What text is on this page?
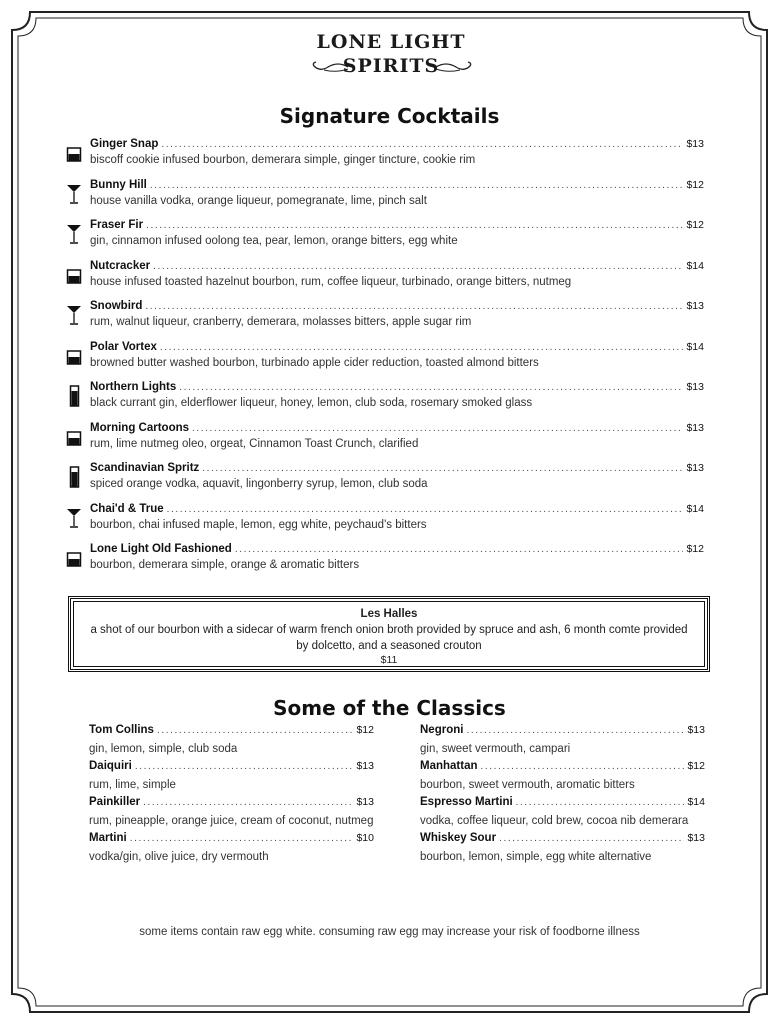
LONE LIGHT
SPIRITS
Signature Cocktails
Ginger Snap .....	$13
biscoff cookie infused bourbon, demerara simple, ginger tincture, cookie rim
Bunny Hill .....	$12
house vanilla vodka, orange liqueur, pomegranate, lime, pinch salt
Fraser Fir .....	$12
gin, cinnamon infused oolong tea, pear, lemon, orange bitters, egg white
Nutcracker .....	$14
house infused toasted hazelnut bourbon, rum, coffee liqueur, turbinado, orange bitters, nutmeg
Snowbird .....	$13
rum, walnut liqueur, cranberry, demerara, molasses bitters, apple sugar rim
Polar Vortex .....	$14
browned butter washed bourbon, turbinado apple cider reduction, toasted almond bitters
Northern Lights .....	$13
black currant gin, elderflower liqueur, honey, lemon, club soda, rosemary smoked glass
Morning Cartoons .....	$13
rum, lime nutmeg oleo, orgeat, Cinnamon Toast Crunch, clarified
Scandinavian Spritz .....	$13
spiced orange vodka, aquavit, lingonberry syrup, lemon, club soda
Chai'd & True .....	$14
bourbon, chai infused maple, lemon, egg white, peychaud's bitters
Lone Light Old Fashioned .....	$12
bourbon, demerara simple, orange & aromatic bitters
Les Halles
a shot of our bourbon with a sidecar of warm french onion broth provided by spruce and ash, 6 month comte provided by dolcetto, and a seasoned crouton
$11
Some of the Classics
Tom Collins .....	$12
gin, lemon, simple, club soda
Daiquiri .....	$13
rum, lime, simple
Painkiller .....	$13
rum, pineapple, orange juice, cream of coconut, nutmeg
Martini .....	$10
vodka/gin, olive juice, dry vermouth
Negroni .....	$13
gin, sweet vermouth, campari
Manhattan .....	$12
bourbon, sweet vermouth, aromatic bitters
Espresso Martini .....	$14
vodka, coffee liqueur, cold brew, cocoa nib demerara
Whiskey Sour .....	$13
bourbon, lemon, simple, egg white alternative
some items contain raw egg white. consuming raw egg may increase your risk of foodborne illness
